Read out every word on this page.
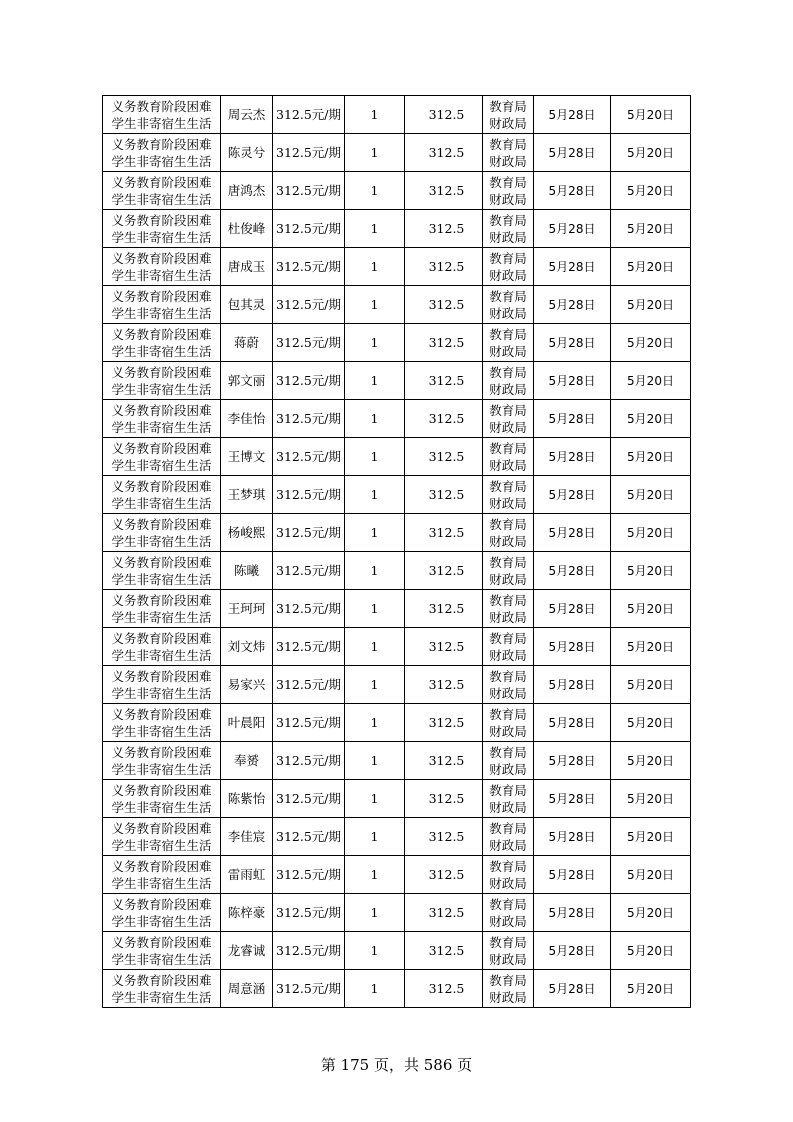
义务教育阶段困难
学生非寄宿生生活	周云杰	312.5元/期	1	312.5	教育局
财政局	5月28日	5月20日

义务教育阶段困难
学生非寄宿生生活	陈灵兮	312.5元/期	1	312.5	教育局
财政局	5月28日	5月20日

义务教育阶段困难
学生非寄宿生生活	唐鸿杰	312.5元/期	1	312.5	教育局
财政局	5月28日	5月20日

义务教育阶段困难
学生非寄宿生生活	杜俊峰	312.5元/期	1	312.5	教育局
财政局	5月28日	5月20日

义务教育阶段困难
学生非寄宿生生活	唐成玉	312.5元/期	1	312.5	教育局
财政局	5月28日	5月20日

义务教育阶段困难
学生非寄宿生生活	包其灵	312.5元/期	1	312.5	教育局
财政局	5月28日	5月20日

义务教育阶段困难
学生非寄宿生生活	蒋蔚	312.5元/期	1	312.5	教育局
财政局	5月28日	5月20日

义务教育阶段困难
学生非寄宿生生活	郭文丽	312.5元/期	1	312.5	教育局
财政局	5月28日	5月20日

义务教育阶段困难
学生非寄宿生生活	李佳怡	312.5元/期	1	312.5	教育局
财政局	5月28日	5月20日

义务教育阶段困难
学生非寄宿生生活	王博文	312.5元/期	1	312.5	教育局
财政局	5月28日	5月20日

义务教育阶段困难
学生非寄宿生生活	王梦琪	312.5元/期	1	312.5	教育局
财政局	5月28日	5月20日

义务教育阶段困难
学生非寄宿生生活	杨峻熙	312.5元/期	1	312.5	教育局
财政局	5月28日	5月20日

义务教育阶段困难
学生非寄宿生生活	陈曦	312.5元/期	1	312.5	教育局
财政局	5月28日	5月20日

义务教育阶段困难
学生非寄宿生生活	王珂珂	312.5元/期	1	312.5	教育局
财政局	5月28日	5月20日

义务教育阶段困难
学生非寄宿生生活	刘文炜	312.5元/期	1	312.5	教育局
财政局	5月28日	5月20日

义务教育阶段困难
学生非寄宿生生活	易家兴	312.5元/期	1	312.5	教育局
财政局	5月28日	5月20日

义务教育阶段困难
学生非寄宿生生活	叶晨阳	312.5元/期	1	312.5	教育局
财政局	5月28日	5月20日

义务教育阶段困难
学生非寄宿生生活	奉赟	312.5元/期	1	312.5	教育局
财政局	5月28日	5月20日

义务教育阶段困难
学生非寄宿生生活	陈紫怡	312.5元/期	1	312.5	教育局
财政局	5月28日	5月20日

义务教育阶段困难
学生非寄宿生生活	李佳宸	312.5元/期	1	312.5	教育局
财政局	5月28日	5月20日

义务教育阶段困难
学生非寄宿生生活	雷雨虹	312.5元/期	1	312.5	教育局
财政局	5月28日	5月20日

义务教育阶段困难
学生非寄宿生生活	陈梓豪	312.5元/期	1	312.5	教育局
财政局	5月28日	5月20日

义务教育阶段困难
学生非寄宿生生活	龙睿诚	312.5元/期	1	312.5	教育局
财政局	5月28日	5月20日

义务教育阶段困难
学生非寄宿生生活	周意涵	312.5元/期	1	312.5	教育局
财政局	5月28日	5月20日
第 175 页，共 586 页
